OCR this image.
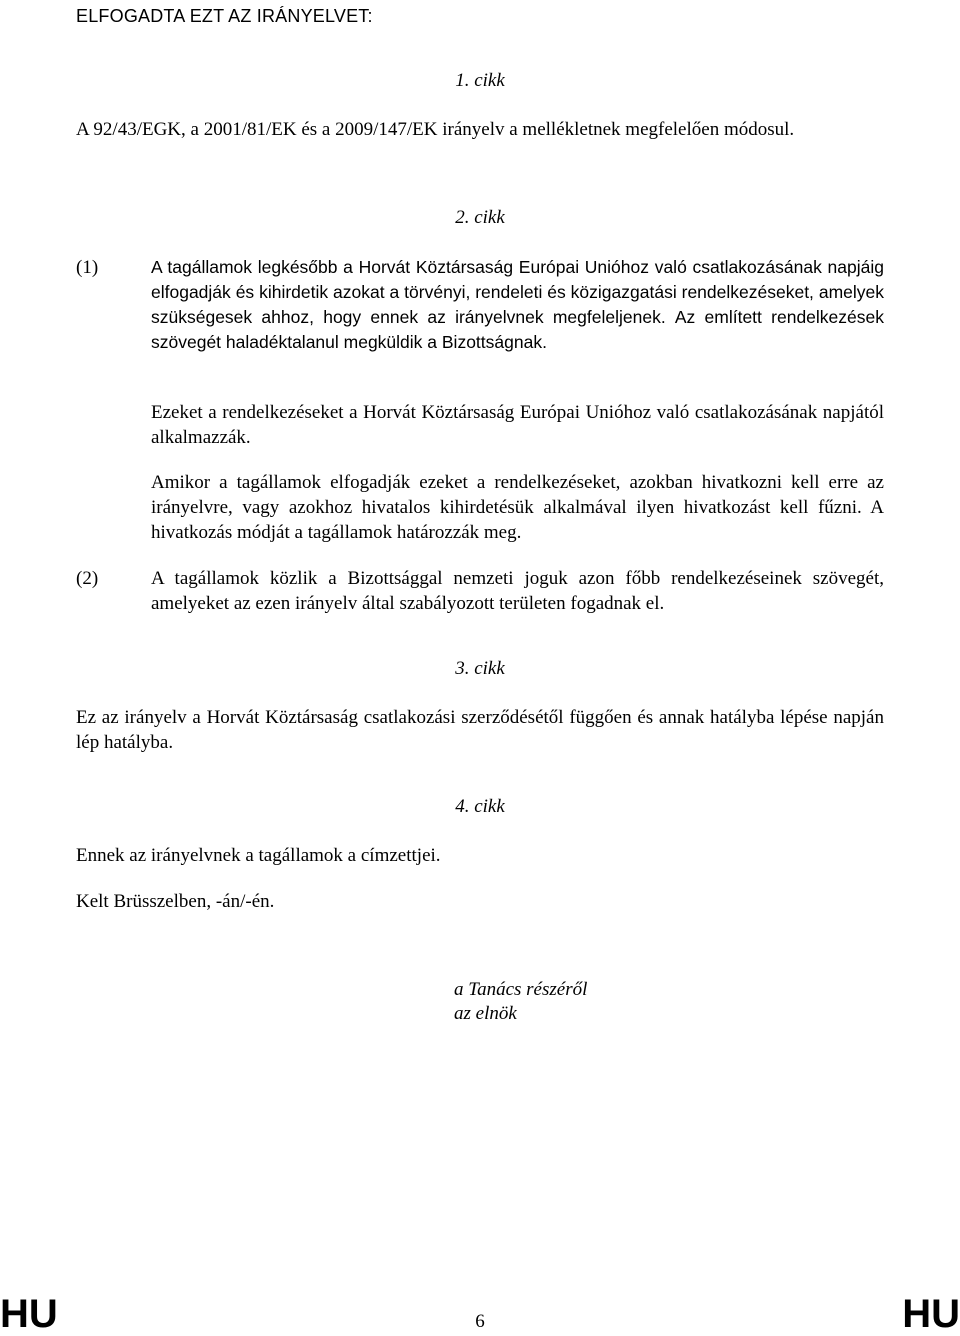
ELFOGADTA EZT AZ IRÁNYELVET:

1. cikk

A 92/43/EGK, a 2001/81/EK és a 2009/147/EK irányelv a mellékletnek megfelelően módosul.

2. cikk

(1)	A tagállamok legkésőbb a Horvát Köztársaság Európai Unióhoz való csatlakozásának napjáig elfogadják és kihirdetik azokat a törvényi, rendeleti és közigazgatási rendelkezéseket, amelyek szükségesek ahhoz, hogy ennek az irányelvnek megfeleljenek. Az említett rendelkezések szövegét haladéktalanul megküldik a Bizottságnak.

Ezeket a rendelkezéseket a Horvát Köztársaság Európai Unióhoz való csatlakozásának napjától alkalmazzák.

Amikor a tagállamok elfogadják ezeket a rendelkezéseket, azokban hivatkozni kell erre az irányelvre, vagy azokhoz hivatalos kihirdetésük alkalmával ilyen hivatkozást kell fűzni. A hivatkozás módját a tagállamok határozzák meg.

(2)	A tagállamok közlik a Bizottsággal nemzeti joguk azon főbb rendelkezéseinek szövegét, amelyeket az ezen irányelv által szabályozott területen fogadnak el.

3. cikk

Ez az irányelv a Horvát Köztársaság csatlakozási szerződésétől függően és annak hatályba lépése napján lép hatályba.

4. cikk

Ennek az irányelvnek a tagállamok a címzettjei.

Kelt Brüsszelben, -án/-én.

a Tanács részéről

az elnök

HU	6	HU
